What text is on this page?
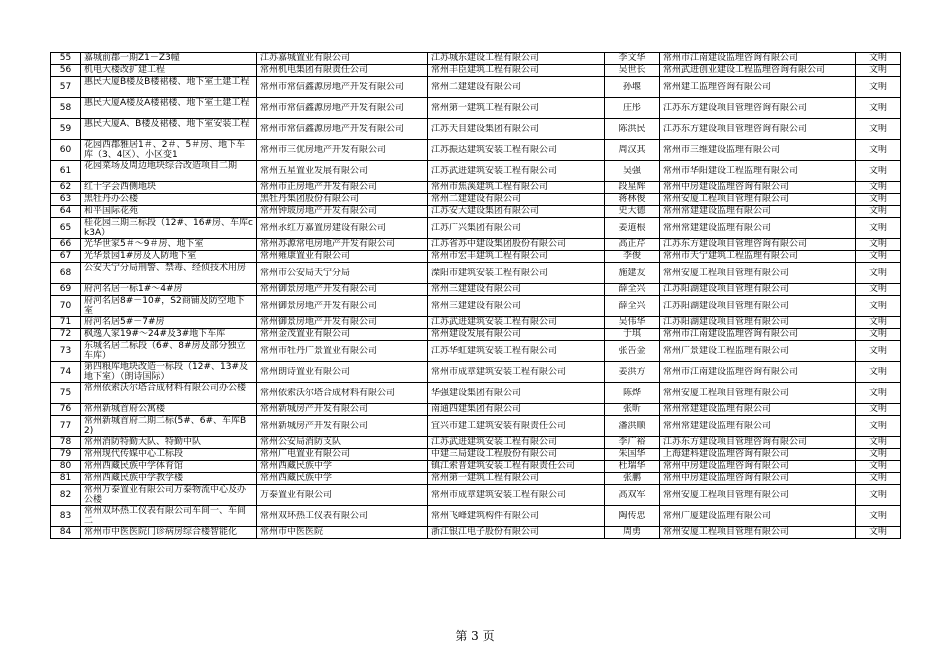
55	嘉城前郡一期Z1－Z3幢	江苏嘉城置业有限公司	江苏城东建设工程有限公司	李文华	常州市江南建设监理咨询有限公司	文明

56	机电大楼改扩建工程	常州机电集团有限责任公司	常州丰臣建筑工程有限公司	吴世长	常州武进创业建设工程监理咨询有限公司	文明

57	惠民大厦B楼及B楼裙楼、地下室土建工程	常州市常信鑫源房地产开发有限公司	常州二建建设有限公司	孙堰	常州建工监理咨询有限公司	文明

58	惠民大厦A楼及A楼裙楼、地下室土建工程	常州市常信鑫源房地产开发有限公司	常州第一建筑工程有限公司	庄彤	江苏东方建设项目管理咨询有限公司	文明

59	惠民大厦A、B楼及裙楼、地下室安装工程	常州市常信鑫源房地产开发有限公司	江苏天目建设集团有限公司	陈洪民	江苏东方建设项目管理咨询有限公司	文明

60	花园西郡雅居1＃、2＃、5＃房、地下车库（3、4区）、小区变1	常州市三优房地产开发有限公司	江苏振达建筑安装工程有限公司	周汉其	常州市三维建设监理有限公司	文明

61	花园菜场及周边地块综合改造项目二期	常州五星置业发展有限公司	江苏武进建筑安装工程有限公司	吴强	常州市华阳建设工程监理有限公司	文明

62	红十字会西侧地块	常州市正房地产开发有限公司	常州市焦溪建筑工程有限公司	段星辉	常州中房建设监理咨询有限公司	文明

63	黑牡丹办公楼	黑牡丹集团股份有限公司	常州二建建设有限公司	蒋林俊	常州安厦工程项目管理有限公司	文明

64	和平国际花苑	常州钟玻房地产开发有限公司	江苏安大建设集团有限公司	史大德	常州常建建设监理有限公司	文明

65	桂花园三期三标段（12#、16#房、车库ck3A）	常州永红万嘉置房建设有限公司	江苏广兴集团有限公司	姜道根	常州常建建设监理有限公司	文明

66	光华世家5＃～9＃房、地下室	常州苏源常电房地产开发有限公司	江苏省苏中建设集团股份有限公司	高正芹	江苏东方建设项目管理咨询有限公司	文明

67	光华景园1#房及人防地下室	常州雍康置业有限公司	常州市宏丰建筑工程有限公司	李俊	常州市天宁建筑工程监理有限公司	文明

68	公安天宁分局刑警、禁毒、经侦技术用房	常州市公安局天宁分局	溧阳市建筑安装工程有限公司	施建友	常州安厦工程项目管理有限公司	文明

69	府河名居一标1#～4#房	常州御景房地产开发有限公司	常州三建建设有限公司	薛全兴	江苏阳湖建设项目管理有限公司	文明

70	府河名居8#－10#，S2商铺及防空地下室	常州御景房地产开发有限公司	常州三建建设有限公司	薛全兴	江苏阳湖建设项目管理有限公司	文明

71	府河名居5#－7#房	常州御景房地产开发有限公司	江苏武进建筑安装工程有限公司	吴伟华	江苏阳湖建设项目管理有限公司	文明

72	枫逸人家19#～24#及3#地下车库	常州金茂置业有限公司	常州建设发展有限公司	于琪	常州市江南建设监理咨询有限公司	文明

73	东城名居二标段（6#、8#房及部分独立车库）	常州市牡丹广景置业有限公司	江苏华虹建筑安装工程有限公司	张告金	常州广景建设工程监理有限公司	文明

74	第四粮库地块改造一标段（12#、13#及地下室）（朗诗国际）	常州朗诗置业有限公司	常州市成章建筑安装工程有限公司	姜洪方	常州市江南建设监理咨询有限公司	文明

75	常州依索沃尔塔合成材料有限公司办公楼	常州依索沃尔塔合成材料有限公司	华强建设集团有限公司	陈烨	常州安厦工程项目管理有限公司	文明

76	常州新城首府公寓楼	常州新城房产开发有限公司	南通四建集团有限公司	张昕	常州常建建设监理有限公司	文明

77	常州新城首府二期二标(5#、6#、车库B 2)	常州新城房产开发有限公司	宜兴市建工建筑安装有限责任公司	潘洪顺	常州常建建设监理有限公司	文明

78	常州消防特勤大队、特勤中队	常州公安局消防支队	江苏武进建筑安装工程有限公司	李广裕	江苏东方建设项目管理咨询有限公司	文明

79	常州现代传媒中心工标段	常州广电置业有限公司	中建三局建设工程股份有限公司	朱国华	上海建科建设监理咨询有限公司	文明

80	常州西藏民族中学体育馆	常州西藏民族中学	镇江索普建筑安装工程有限责任公司	杜瑞华	常州中房建设监理咨询有限公司	文明

81	常州西藏民族中学教学楼	常州西藏民族中学	常州第一建筑工程有限公司	张鹏	常州中房建设监理咨询有限公司	文明

82	常州万泰置业有限公司万泰物流中心及办公楼	万泰置业有限公司	常州市成章建筑安装工程有限公司	高双军	常州安厦工程项目管理有限公司	文明

83	常州双环热工仪表有限公司车间一、车间二	常州双环热工仪表有限公司	常州飞峰建筑构件有限公司	陶传忠	常州广厦建设监理有限公司	文明

84	常州市中医医院门诊病房综合楼智能化	常州市中医医院	浙江银江电子股份有限公司	周勇	常州安厦工程项目管理有限公司	文明
第 3 页
